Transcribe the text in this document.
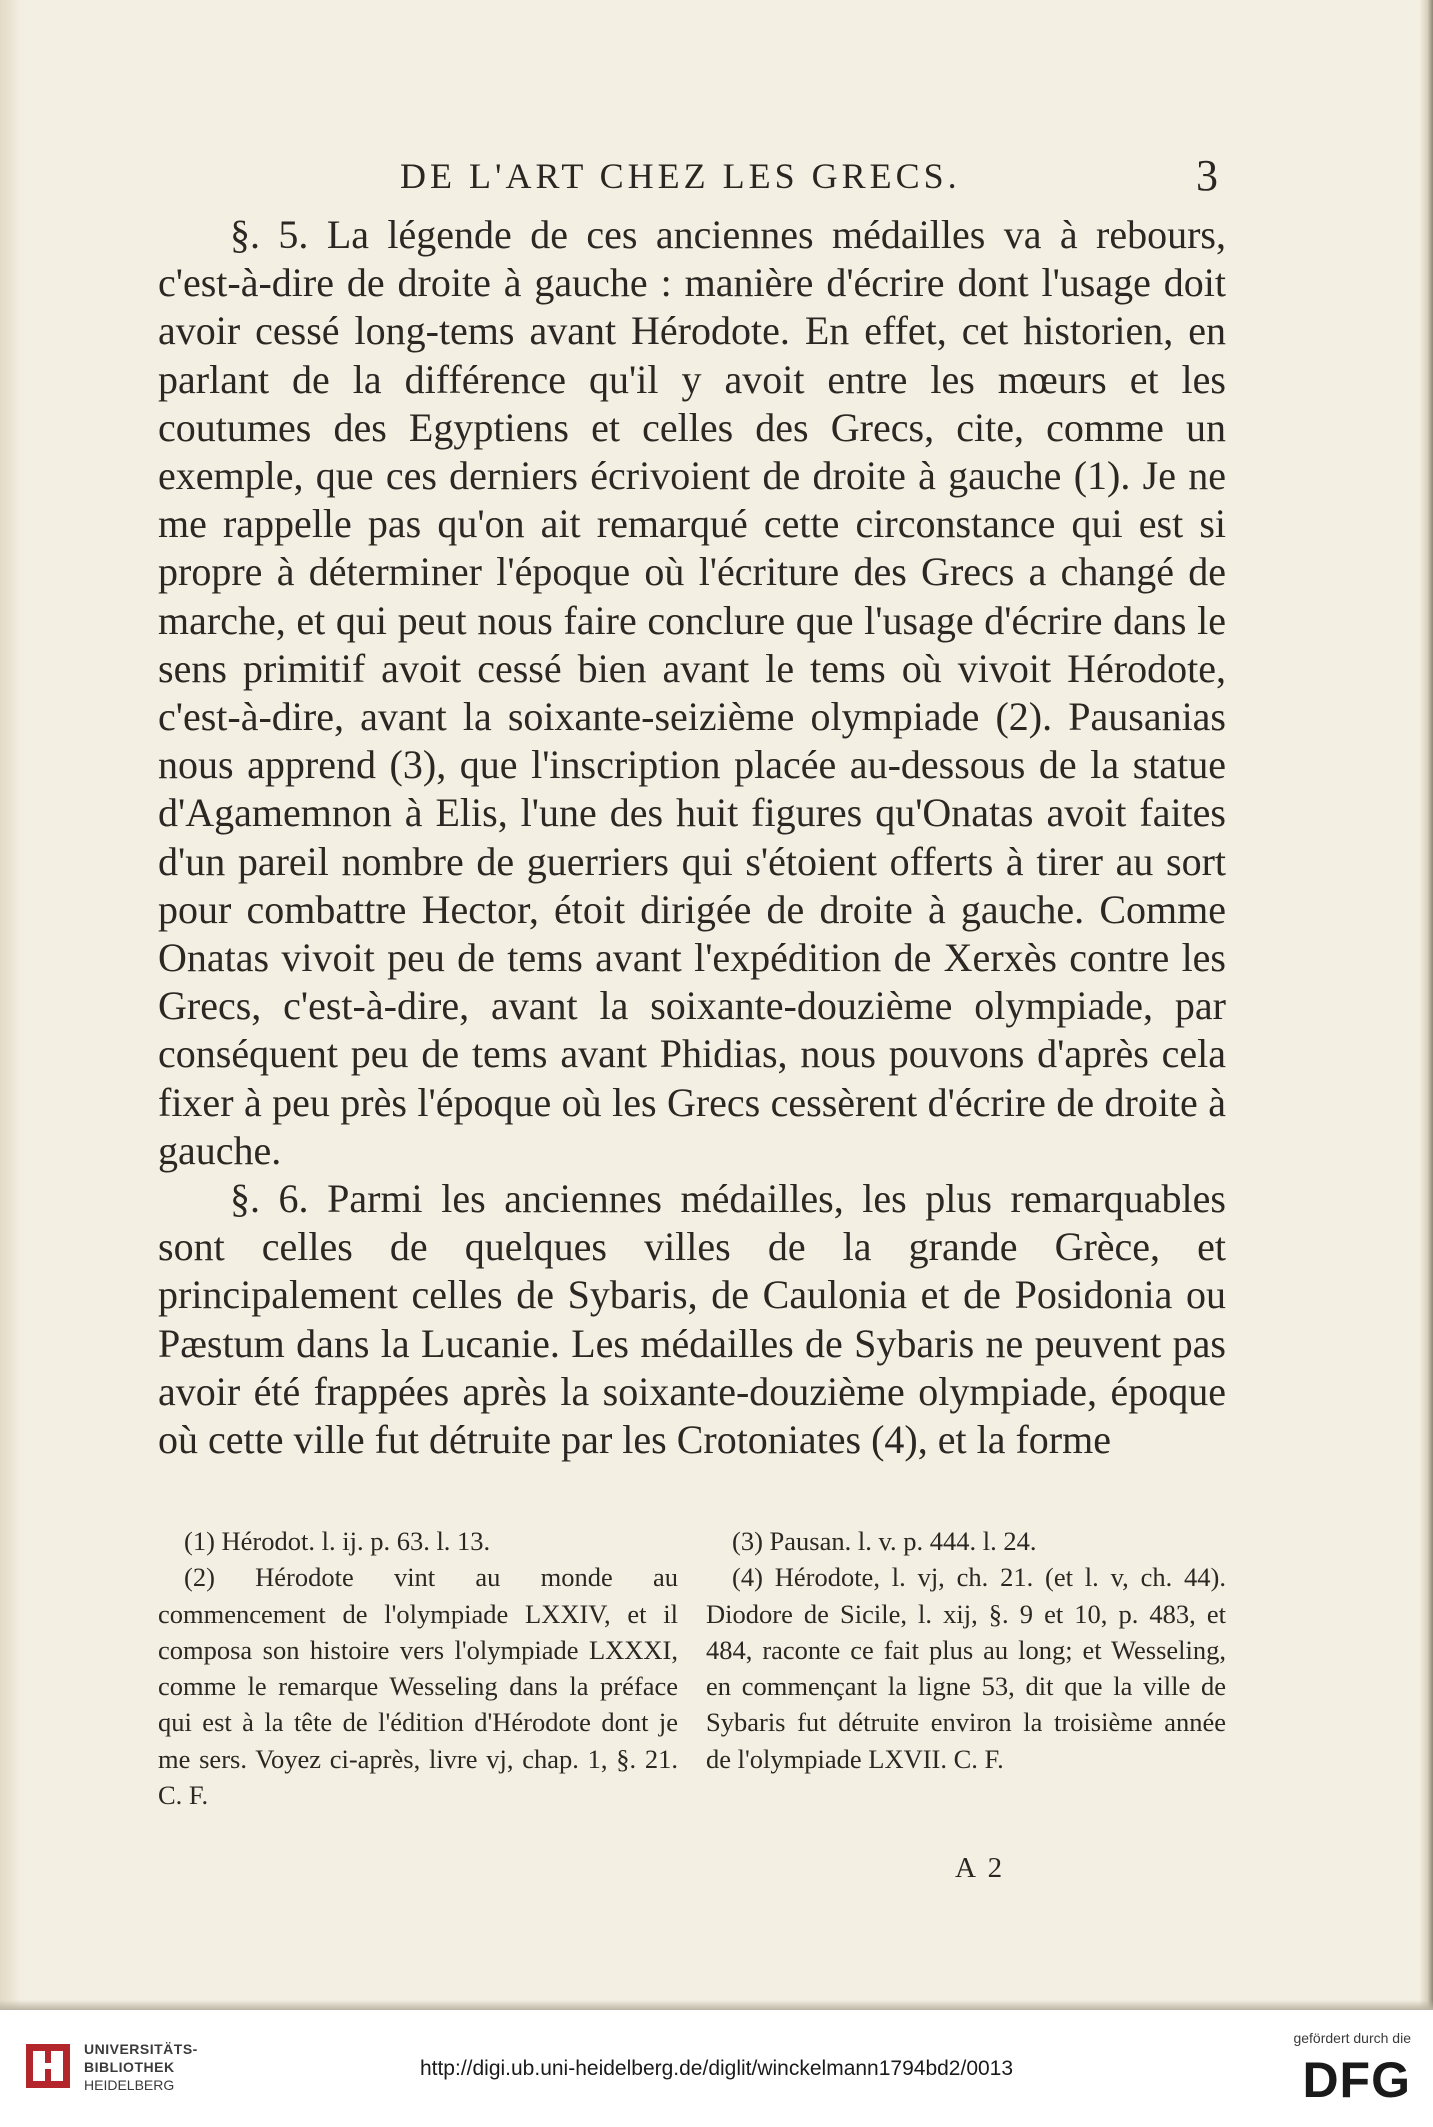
DE L'ART CHEZ LES GRECS.	3

§. 5. La légende de ces anciennes médailles va à rebours, c'est-à-dire de droite à gauche : manière d'écrire dont l'usage doit avoir cessé long-tems avant Hérodote. En effet, cet historien, en parlant de la différence qu'il y avoit entre les mœurs et les coutumes des Egyptiens et celles des Grecs, cite, comme un exemple, que ces derniers écrivoient de droite à gauche (1). Je ne me rappelle pas qu'on ait remarqué cette circonstance qui est si propre à déterminer l'époque où l'écriture des Grecs a changé de marche, et qui peut nous faire conclure que l'usage d'écrire dans le sens primitif avoit cessé bien avant le tems où vivoit Hérodote, c'est-à-dire, avant la soixante-seizième olympiade (2). Pausanias nous apprend (3), que l'inscription placée au-dessous de la statue d'Agamemnon à Elis, l'une des huit figures qu'Onatas avoit faites d'un pareil nombre de guerriers qui s'étoient offerts à tirer au sort pour combattre Hector, étoit dirigée de droite à gauche. Comme Onatas vivoit peu de tems avant l'expédition de Xerxès contre les Grecs, c'est-à-dire, avant la soixante-douzième olympiade, par conséquent peu de tems avant Phidias, nous pouvons d'après cela fixer à peu près l'époque où les Grecs cessèrent d'écrire de droite à gauche.

§. 6. Parmi les anciennes médailles, les plus remarquables sont celles de quelques villes de la grande Grèce, et principalement celles de Sybaris, de Caulonia et de Posidonia ou Pæstum dans la Lucanie. Les médailles de Sybaris ne peuvent pas avoir été frappées après la soixante-douzième olympiade, époque où cette ville fut détruite par les Crotoniates (4), et la forme

(1) Hérodot. l. ij. p. 63. l. 13.

(2) Hérodote vint au monde au commencement de l'olympiade LXXIV, et il composa son histoire vers l'olympiade LXXXI, comme le remarque Wesseling dans la préface qui est à la tête de l'édition d'Hérodote dont je me sers. Voyez ci-après, livre vj, chap. 1, §. 21. C. F.

(3) Pausan. l. v. p. 444. l. 24.

(4) Hérodote, l. vj, ch. 21. (et l. v, ch. 44). Diodore de Sicile, l. xij, §. 9 et 10, p. 483, et 484, raconte ce fait plus au long; et Wesseling, en commençant la ligne 53, dit que la ville de Sybaris fut détruite environ la troisième année de l'olympiade LXVII. C. F.

A 2
UNIVERSITÄTS-
BIBLIOTHEK
HEIDELBERG
http://digi.ub.uni-heidelberg.de/diglit/winckelmann1794bd2/0013
gefördert durch die
DFG
